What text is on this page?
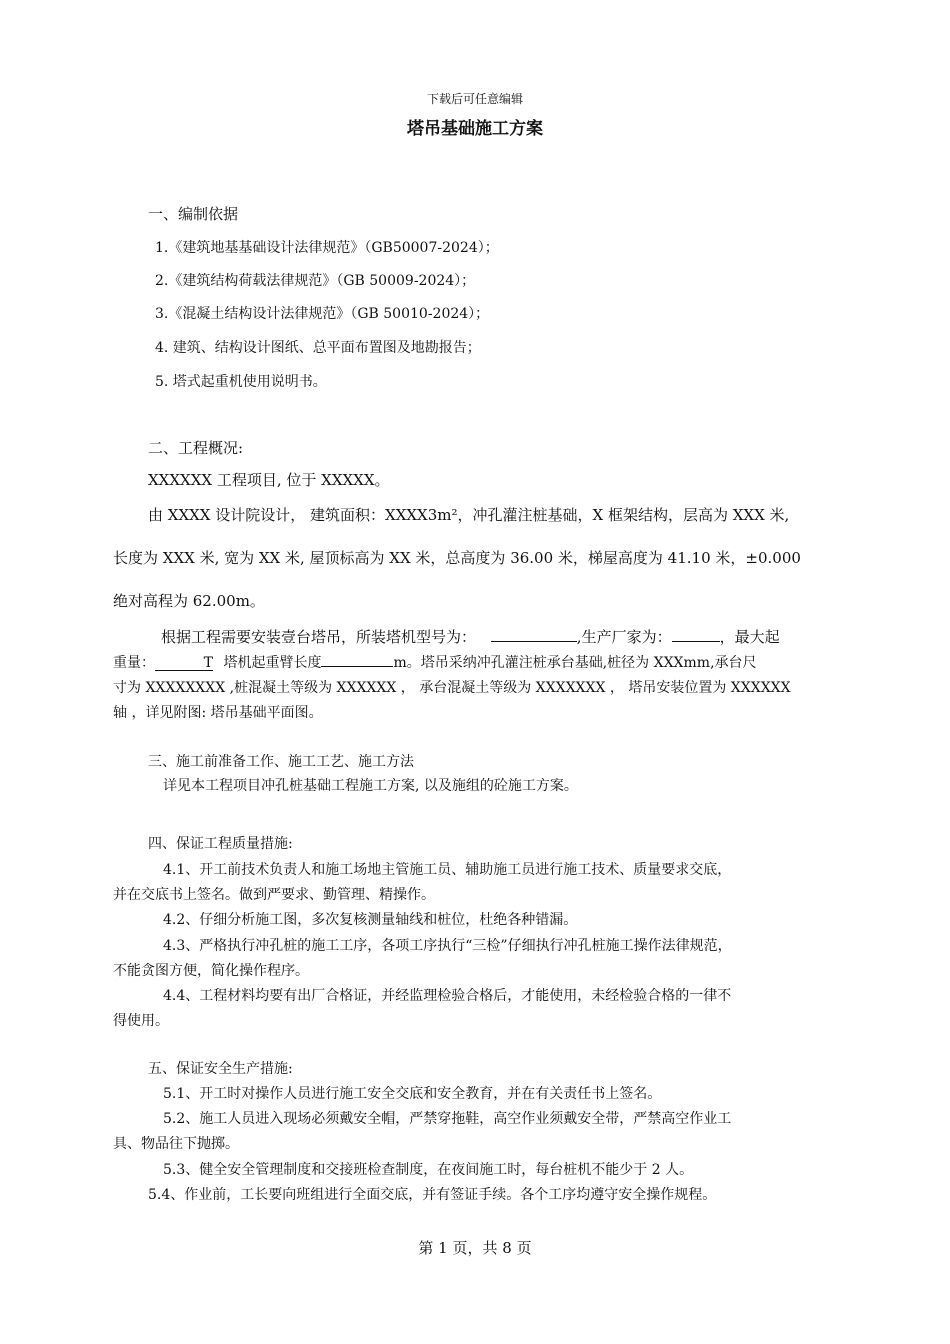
下载后可任意编辑
塔吊基础施工方案
一、编制依据
1.《建筑地基基础设计法律规范》（GB50007-2024）；
2.《建筑结构荷载法律规范》（GB 50009-2024）；
3.《混凝土结构设计法律规范》（GB 50010-2024）；
4. 建筑、结构设计图纸、总平面布置图及地勘报告；
5. 塔式起重机使用说明书。
二、工程概况:
XXXXXX 工程项目, 位于 XXXXX。
由 XXXX 设计院设计， 建筑面积：XXXX3m²，冲孔灌注桩基础，X 框架结构，层高为 XXX 米,
长度为 XXX 米, 宽为 XX 米, 屋顶标高为 XX 米，总高度为 36.00 米，梯屋高度为 41.10 米，±0.000
绝对高程为 62.00m。
根据工程需要安装壹台塔吊，所装塔机型号为：	,生产厂家为：	，最大起
重量：	T 塔机起重臂长度	m。塔吊采纳冲孔灌注桩承台基础,桩径为 XXXmm,承台尺
寸为 XXXXXXXX ,桩混凝土等级为 XXXXXX ， 承台混凝土等级为 XXXXXXX ， 塔吊安装位置为 XXXXXX
轴 ，详见附图: 塔吊基础平面图。
三、施工前准备工作、施工工艺、施工方法
详见本工程项目冲孔桩基础工程施工方案, 以及施组的砼施工方案。
四、保证工程质量措施:
4.1、开工前技术负责人和施工场地主管施工员、辅助施工员进行施工技术、质量要求交底，
并在交底书上签名。做到严要求、勤管理、精操作。
4.2、仔细分析施工图，多次复核测量轴线和桩位，杜绝各种错漏。
4.3、严格执行冲孔桩的施工工序，各项工序执行“三检”仔细执行冲孔桩施工操作法律规范，
不能贪图方便，简化操作程序。
4.4、工程材料均要有出厂合格证，并经监理检验合格后，才能使用，未经检验合格的一律不
得使用。
五、保证安全生产措施:
5.1、开工时对操作人员进行施工安全交底和安全教育，并在有关责任书上签名。
5.2、施工人员进入现场必须戴安全帽，严禁穿拖鞋，高空作业须戴安全带，严禁高空作业工
具、物品往下抛掷。
5.3、健全安全管理制度和交接班检查制度，在夜间施工时，每台桩机不能少于 2 人。
5.4、作业前，工长要向班组进行全面交底，并有签证手续。各个工序均遵守安全操作规程。
第 1 页，共 8 页
